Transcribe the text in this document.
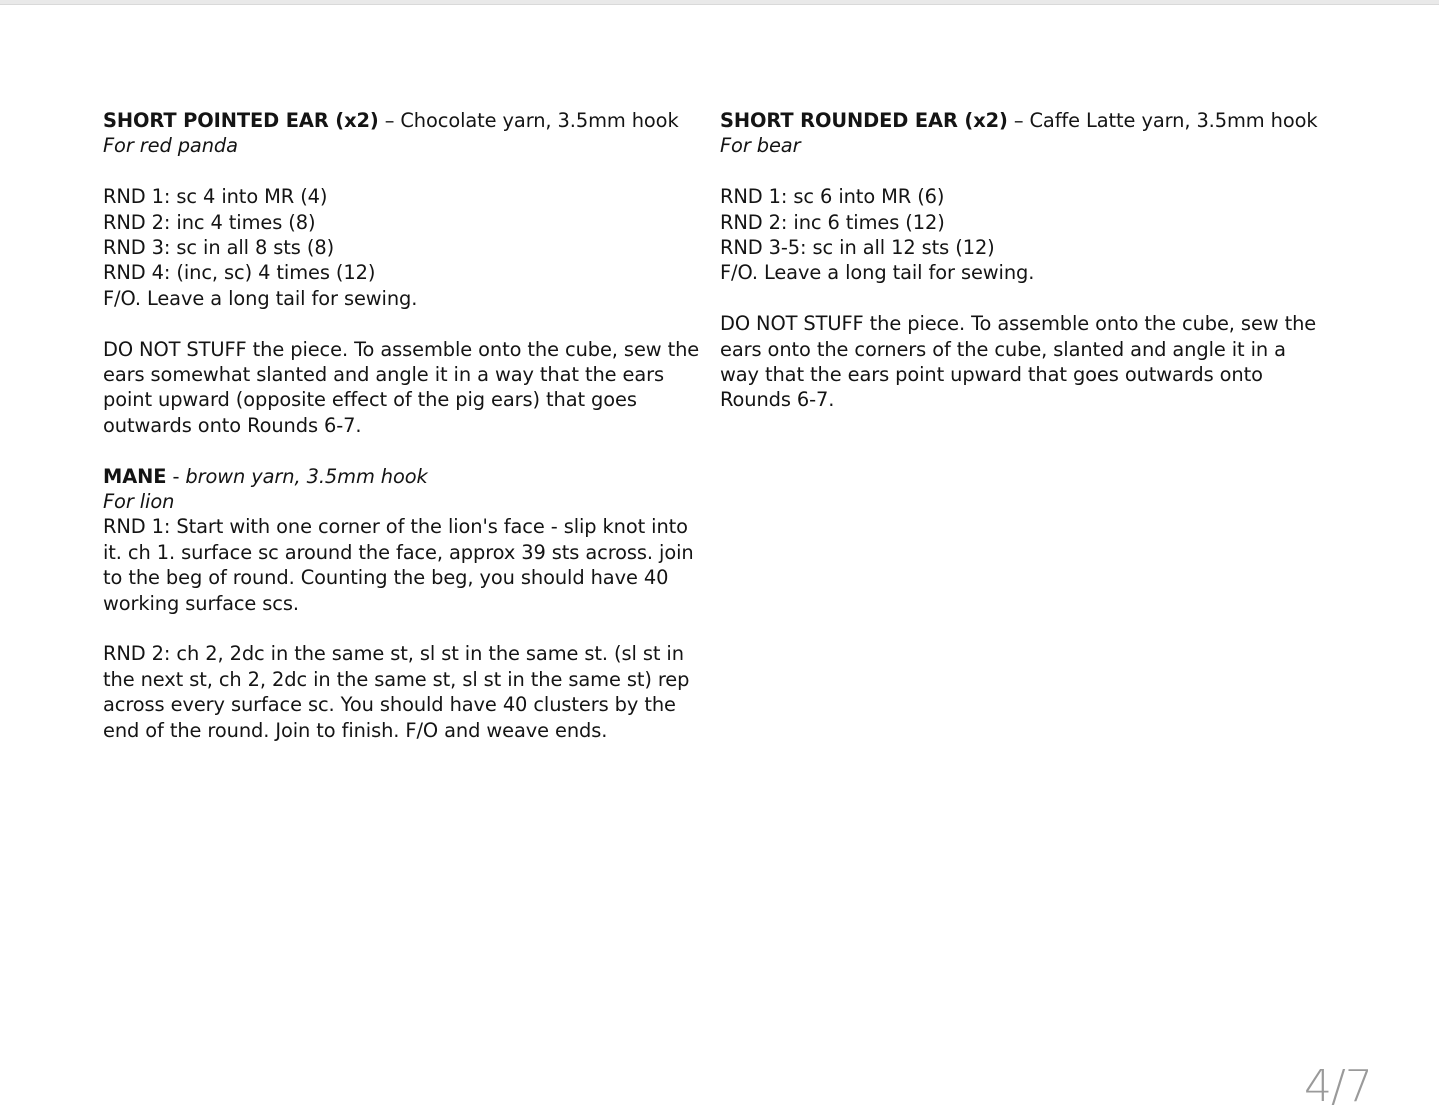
SHORT POINTED EAR (x2) – Chocolate yarn, 3.5mm hook
For red panda
RND 1: sc 4 into MR (4)
RND 2: inc 4 times (8)
RND 3: sc in all 8 sts (8)
RND 4: (inc, sc) 4 times (12)
F/O. Leave a long tail for sewing.
DO NOT STUFF the piece. To assemble onto the cube, sew the
ears somewhat slanted and angle it in a way that the ears
point upward (opposite effect of the pig ears) that goes
outwards onto Rounds 6-7.
MANE - brown yarn, 3.5mm hook
For lion
RND 1: Start with one corner of the lion's face - slip knot into
it. ch 1. surface sc around the face, approx 39 sts across. join
to the beg of round. Counting the beg, you should have 40
working surface scs.
RND 2: ch 2, 2dc in the same st, sl st in the same st. (sl st in
the next st, ch 2, 2dc in the same st, sl st in the same st) rep
across every surface sc. You should have 40 clusters by the
end of the round. Join to finish. F/O and weave ends.
SHORT ROUNDED EAR (x2) – Caffe Latte yarn, 3.5mm hook
For bear
RND 1: sc 6 into MR (6)
RND 2: inc 6 times (12)
RND 3-5: sc in all 12 sts (12)
F/O. Leave a long tail for sewing.
DO NOT STUFF the piece. To assemble onto the cube, sew the
ears onto the corners of the cube, slanted and angle it in a
way that the ears point upward that goes outwards onto
Rounds 6-7.
4/7
